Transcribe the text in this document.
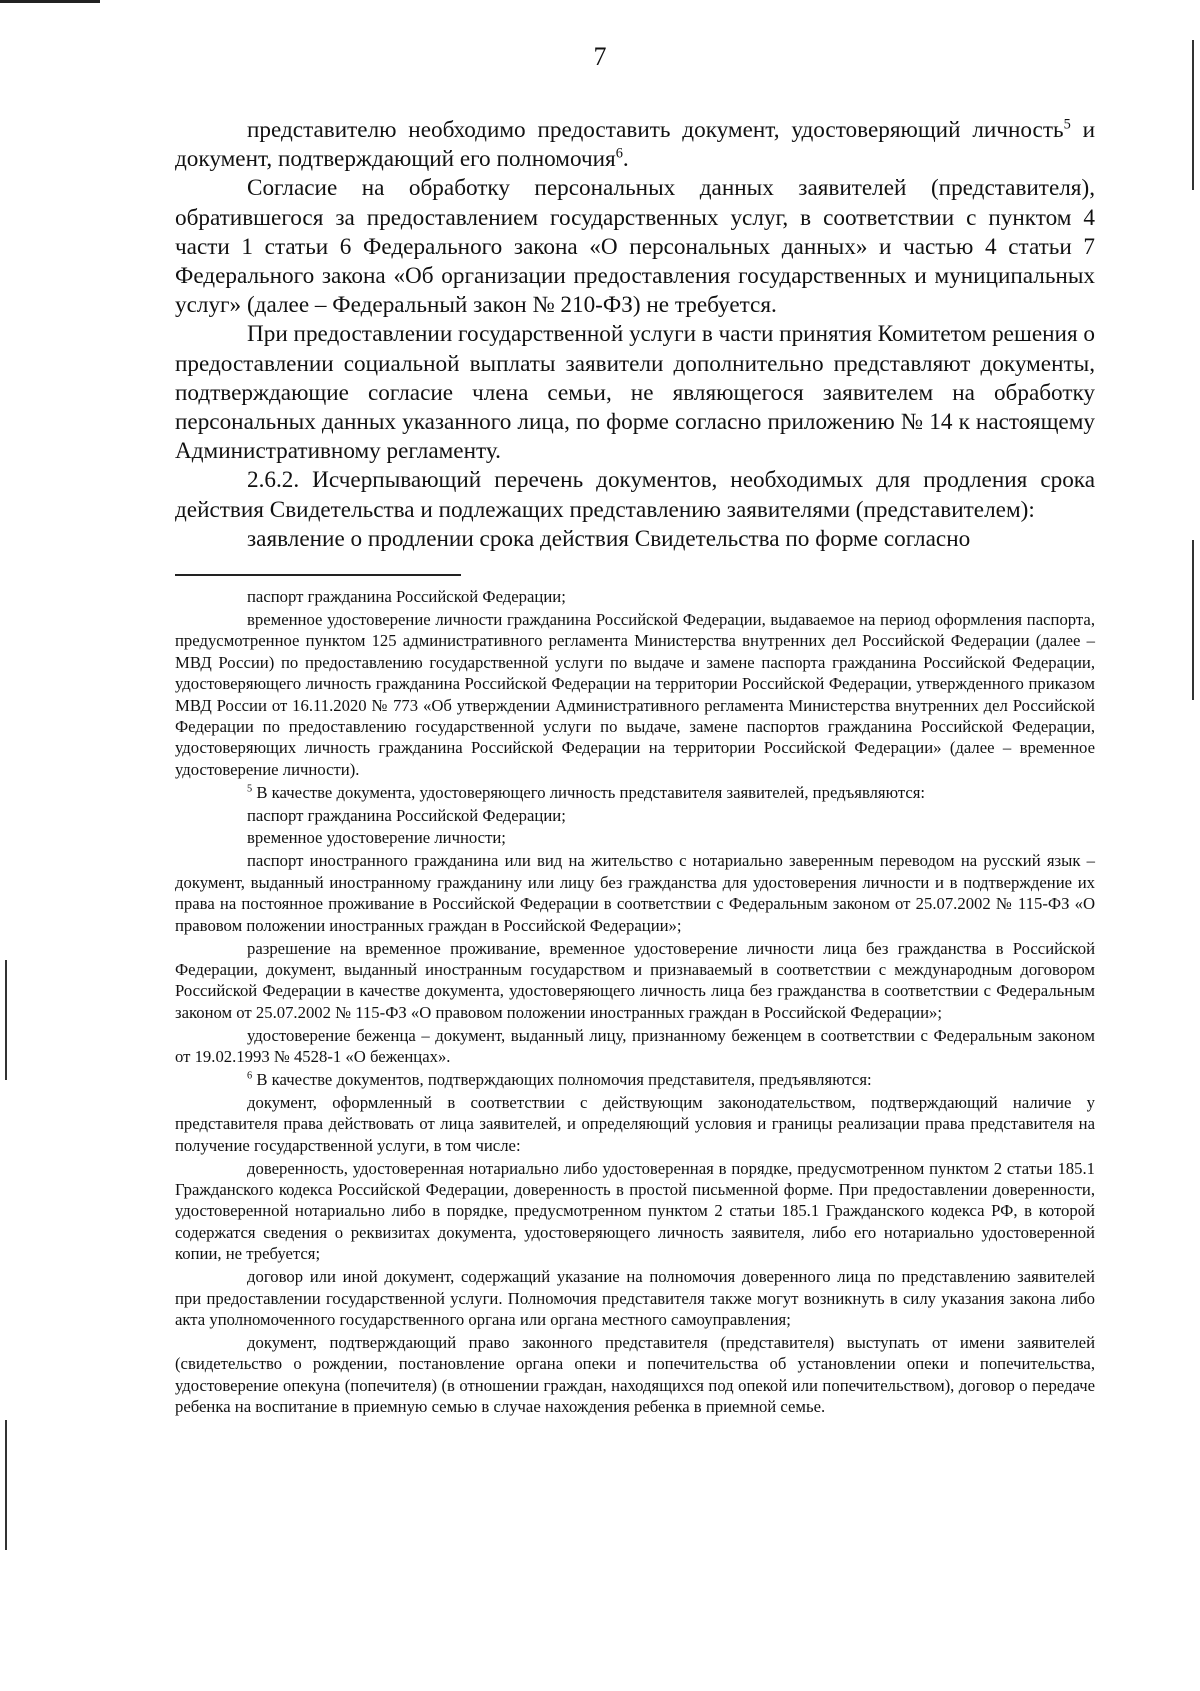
7

представителю необходимо предоставить документ, удостоверяющий личность$^5$ и документ, подтверждающий его полномочия$^6$.

Согласие на обработку персональных данных заявителей (представителя), обратившегося за предоставлением государственных услуг, в соответствии с пунктом 4 части 1 статьи 6 Федерального закона «О персональных данных» и частью 4 статьи 7 Федерального закона «Об организации предоставления государственных и муниципальных услуг» (далее – Федеральный закон № 210-ФЗ) не требуется.

При предоставлении государственной услуги в части принятия Комитетом решения о предоставлении социальной выплаты заявители дополнительно представляют документы, подтверждающие согласие члена семьи, не являющегося заявителем на обработку персональных данных указанного лица, по форме согласно приложению № 14 к настоящему Административному регламенту.

2.6.2. Исчерпывающий перечень документов, необходимых для продления срока действия Свидетельства и подлежащих представлению заявителями (представителем):

заявление о продлении срока действия Свидетельства по форме согласно

паспорт гражданина Российской Федерации;

временное удостоверение личности гражданина Российской Федерации, выдаваемое на период оформления паспорта, предусмотренное пунктом 125 административного регламента Министерства внутренних дел Российской Федерации (далее – МВД России) по предоставлению государственной услуги по выдаче и замене паспорта гражданина Российской Федерации, удостоверяющего личность гражданина Российской Федерации на территории Российской Федерации, утвержденного приказом МВД России от 16.11.2020 № 773 «Об утверждении Административного регламента Министерства внутренних дел Российской Федерации по предоставлению государственной услуги по выдаче, замене паспортов гражданина Российской Федерации, удостоверяющих личность гражданина Российской Федерации на территории Российской Федерации» (далее – временное удостоверение личности).

$^5$ В качестве документа, удостоверяющего личность представителя заявителей, предъявляются:

паспорт гражданина Российской Федерации;

временное удостоверение личности;

паспорт иностранного гражданина или вид на жительство с нотариально заверенным переводом на русский язык – документ, выданный иностранному гражданину или лицу без гражданства для удостоверения личности и в подтверждение их права на постоянное проживание в Российской Федерации в соответствии с Федеральным законом от 25.07.2002 № 115-ФЗ «О правовом положении иностранных граждан в Российской Федерации»;

разрешение на временное проживание, временное удостоверение личности лица без гражданства в Российской Федерации, документ, выданный иностранным государством и признаваемый в соответствии с международным договором Российской Федерации в качестве документа, удостоверяющего личность лица без гражданства в соответствии с Федеральным законом от 25.07.2002 № 115-ФЗ «О правовом положении иностранных граждан в Российской Федерации»;

удостоверение беженца – документ, выданный лицу, признанному беженцем в соответствии с Федеральным законом от 19.02.1993 № 4528-1 «О беженцах».

$^6$ В качестве документов, подтверждающих полномочия представителя, предъявляются:

документ, оформленный в соответствии с действующим законодательством, подтверждающий наличие у представителя права действовать от лица заявителей, и определяющий условия и границы реализации права представителя на получение государственной услуги, в том числе:

доверенность, удостоверенная нотариально либо удостоверенная в порядке, предусмотренном пунктом 2 статьи 185.1 Гражданского кодекса Российской Федерации, доверенность в простой письменной форме. При предоставлении доверенности, удостоверенной нотариально либо в порядке, предусмотренном пунктом 2 статьи 185.1 Гражданского кодекса РФ, в которой содержатся сведения о реквизитах документа, удостоверяющего личность заявителя, либо его нотариально удостоверенной копии, не требуется;

договор или иной документ, содержащий указание на полномочия доверенного лица по представлению заявителей при предоставлении государственной услуги. Полномочия представителя также могут возникнуть в силу указания закона либо акта уполномоченного государственного органа или органа местного самоуправления;

документ, подтверждающий право законного представителя (представителя) выступать от имени заявителей (свидетельство о рождении, постановление органа опеки и попечительства об установлении опеки и попечительства, удостоверение опекуна (попечителя) (в отношении граждан, находящихся под опекой или попечительством), договор о передаче ребенка на воспитание в приемную семью в случае нахождения ребенка в приемной семье.
